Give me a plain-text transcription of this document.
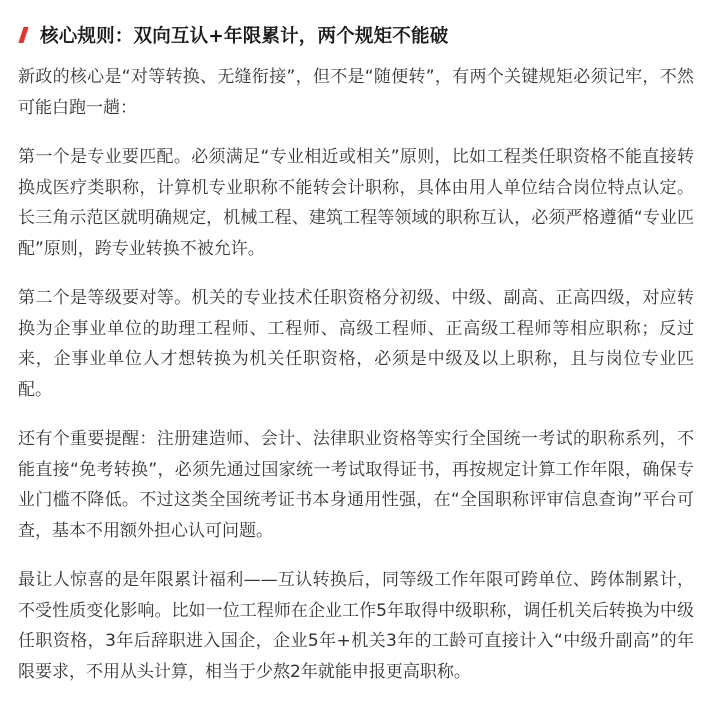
核心规则：双向互认+年限累计，两个规矩不能破

新政的核心是“对等转换、无缝衔接”，但不是“随便转”，有两个关键规矩必须记牢，不然可能白跑一趟：

第一个是专业要匹配。必须满足“专业相近或相关”原则，比如工程类任职资格不能直接转换成医疗类职称，计算机专业职称不能转会计职称，具体由用人单位结合岗位特点认定。长三角示范区就明确规定，机械工程、建筑工程等领域的职称互认，必须严格遵循“专业匹配”原则，跨专业转换不被允许。

第二个是等级要对等。机关的专业技术任职资格分初级、中级、副高、正高四级，对应转换为企事业单位的助理工程师、工程师、高级工程师、正高级工程师等相应职称；反过来，企事业单位人才想转换为机关任职资格，必须是中级及以上职称，且与岗位专业匹配。

还有个重要提醒：注册建造师、会计、法律职业资格等实行全国统一考试的职称系列，不能直接“免考转换”，必须先通过国家统一考试取得证书，再按规定计算工作年限，确保专业门槛不降低。不过这类全国统考证书本身通用性强，在“全国职称评审信息查询”平台可查，基本不用额外担心认可问题。

最让人惊喜的是年限累计福利——互认转换后，同等级工作年限可跨单位、跨体制累计，不受性质变化影响。比如一位工程师在企业工作5年取得中级职称，调任机关后转换为中级任职资格，3年后辞职进入国企，企业5年+机关3年的工龄可直接计入“中级升副高”的年限要求，不用从头计算，相当于少熬2年就能申报更高职称。
